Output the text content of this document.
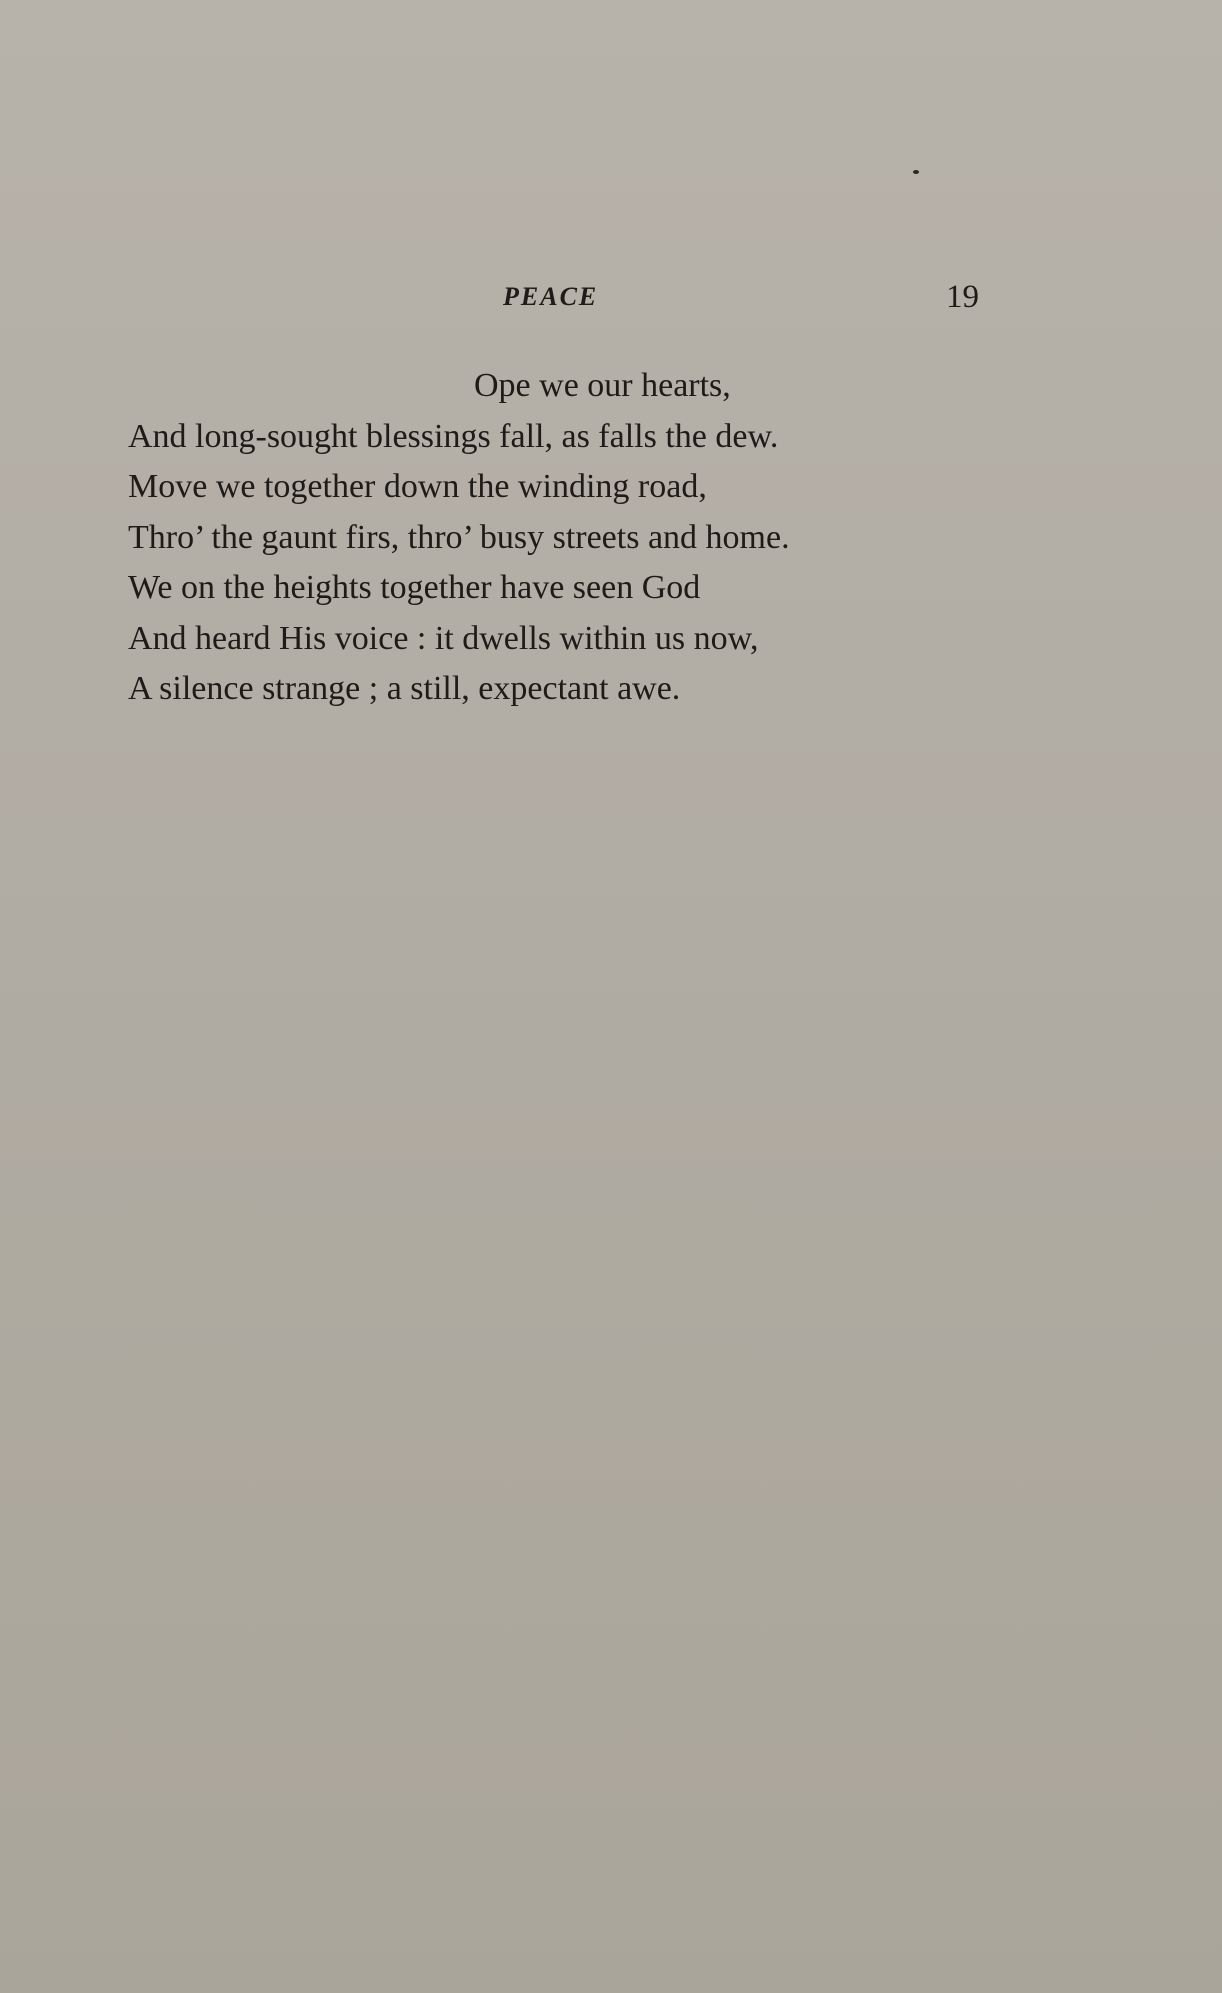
PEACE	19
Ope we our hearts,
And long-sought blessings fall, as falls the dew.
Move we together down the winding road,
Thro’ the gaunt firs, thro’ busy streets and home.
We on the heights together have seen God
And heard His voice : it dwells within us now,
A silence strange ; a still, expectant awe.
